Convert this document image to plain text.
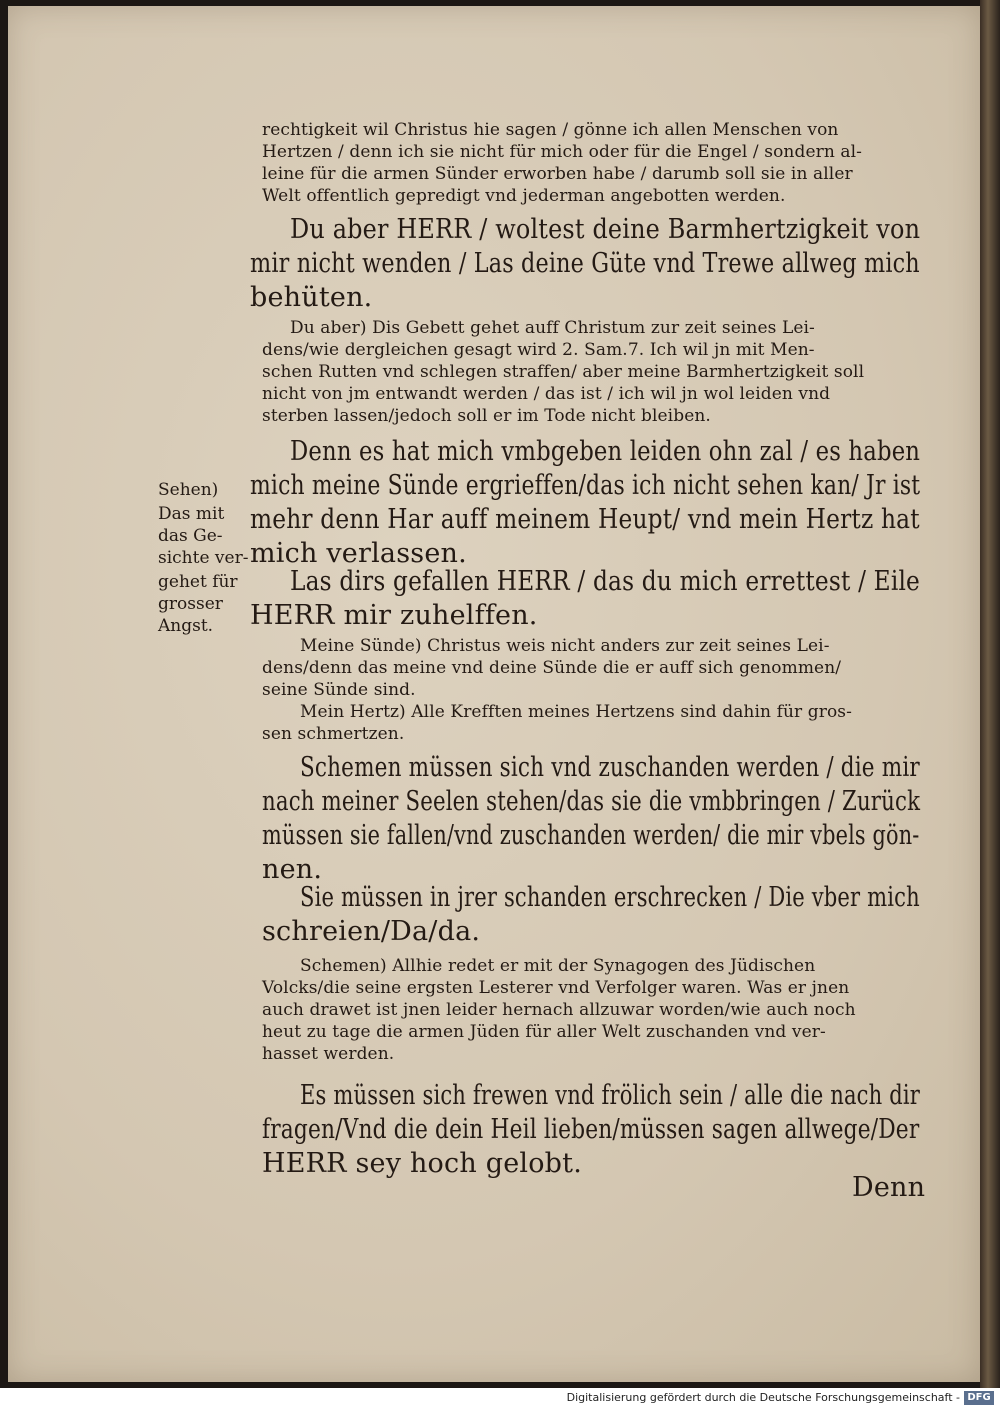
rechtigkeit wil Christus hie sagen / gönne ich allen Menschen von
Hertzen / denn ich sie nicht für mich oder für die Engel / sondern al‐
leine für die armen Sünder erworben habe / darumb soll sie in aller
Welt offentlich gepredigt vnd jederman angebotten werden.
Du aber HERR / woltest deine Barmhertzigkeit von
mir nicht wenden / Las deine Güte vnd Trewe allweg mich
behüten.
Du aber) Dis Gebett gehet auff Christum zur zeit seines Lei‐
dens/wie dergleichen gesagt wird 2. Sam.7. Ich wil jn mit Men‐
schen Rutten vnd schlegen straffen/ aber meine Barmhertzigkeit soll
nicht von jm entwandt werden / das ist / ich wil jn wol leiden vnd
sterben lassen/jedoch soll er im Tode nicht bleiben.
Denn es hat mich vmbgeben leiden ohn zal / es haben
mich meine Sünde ergrieffen/das ich nicht sehen kan/ Jr ist
mehr denn Har auff meinem Heupt/ vnd mein Hertz hat
mich verlassen.
Las dirs gefallen HERR / das du mich errettest / Eile
HERR mir zuhelffen.
Meine Sünde) Christus weis nicht anders zur zeit seines Lei‐
dens/denn das meine vnd deine Sünde die er auff sich genommen/
seine Sünde sind.
Mein Hertz) Alle Krefften meines Hertzens sind dahin für gros‐
sen schmertzen.
Schemen müssen sich vnd zuschanden werden / die mir
nach meiner Seelen stehen/das sie die vmbbringen / Zurück
müssen sie fallen/vnd zuschanden werden/ die mir vbels gön‐
nen.
Sie müssen in jrer schanden erschrecken / Die vber mich
schreien/Da/da.
Schemen) Allhie redet er mit der Synagogen des Jüdischen
Volcks/die seine ergsten Lesterer vnd Verfolger waren. Was er jnen
auch drawet ist jnen leider hernach allzuwar worden/wie auch noch
heut zu tage die armen Jüden für aller Welt zuschanden vnd ver‐
hasset werden.
Es müssen sich frewen vnd frölich sein / alle die nach dir
fragen/Vnd die dein Heil lieben/müssen sagen allwege/Der
HERR sey hoch gelobt.
Sehen)
Das mit
das Ge‐
sichte ver‐
gehet für
grosser
Angst.
Denn
Digitalisierung gefördert durch die Deutsche Forschungsgemeinschaft - DFG
